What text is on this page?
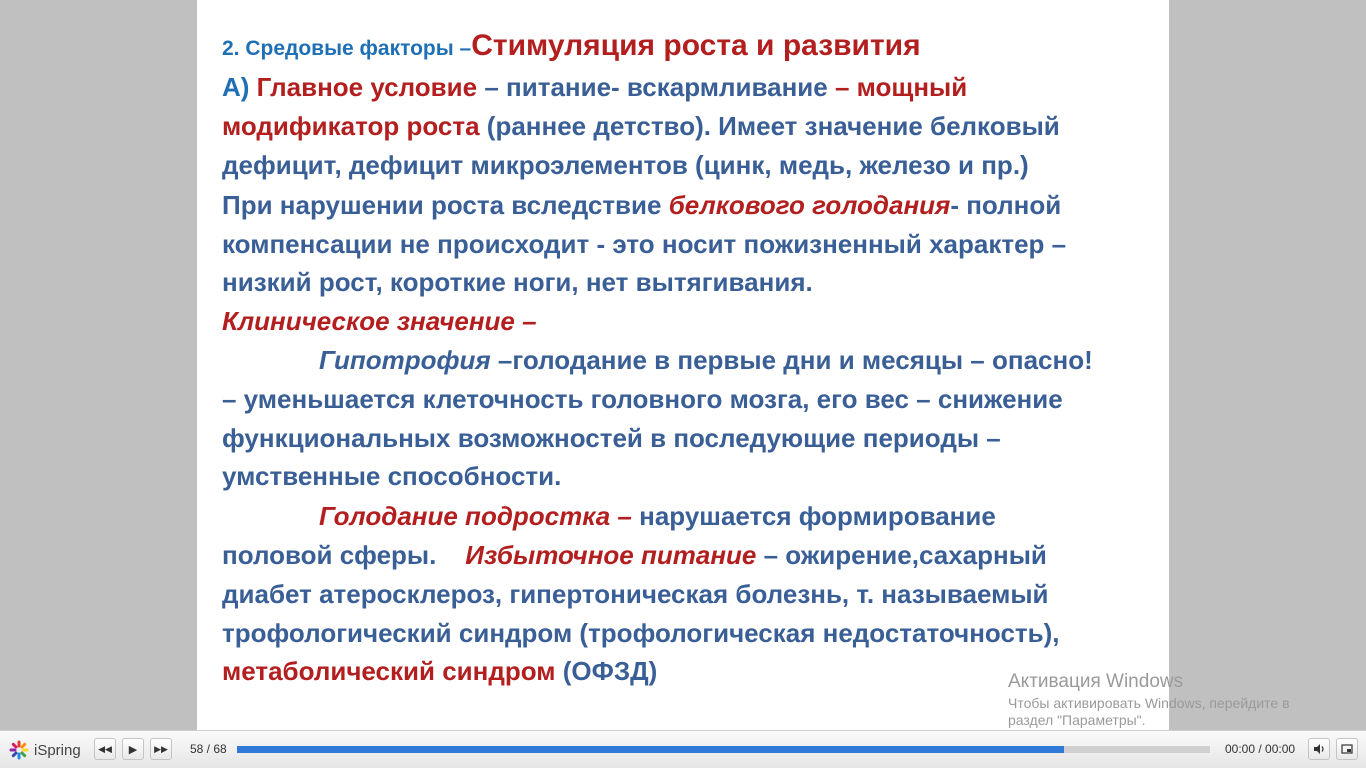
2. Средовые факторы –Стимуляция роста и развития
А) Главное условие – питание- вскармливание – мощный
модификатор роста (раннее детство). Имеет значение белковый
дефицит, дефицит микроэлементов (цинк, медь, железо и пр.)
При нарушении роста вследствие белкового голодания- полной
компенсации не происходит - это носит пожизненный характер –
низкий рост, короткие ноги, нет вытягивания.
Клиническое значение –
Гипотрофия –голодание в первые дни и месяцы – опасно!
– уменьшается клеточность головного мозга, его вес – снижение
функциональных возможностей в последующие периоды –
умственные способности.
Голодание подростка – нарушается формирование
половой сферы.    Избыточное питание – ожирение,сахарный
диабет атеросклероз, гипертоническая болезнь, т. называемый
трофологический синдром (трофологическая недостаточность),
метаболический синдром (ОФЗД)	Активация Windows
Чтобы активировать Windows, перейдите в
раздел "Параметры".
iSpring ◀◀ ▶ ▶▶ 58 / 68	00:00 / 00:00
